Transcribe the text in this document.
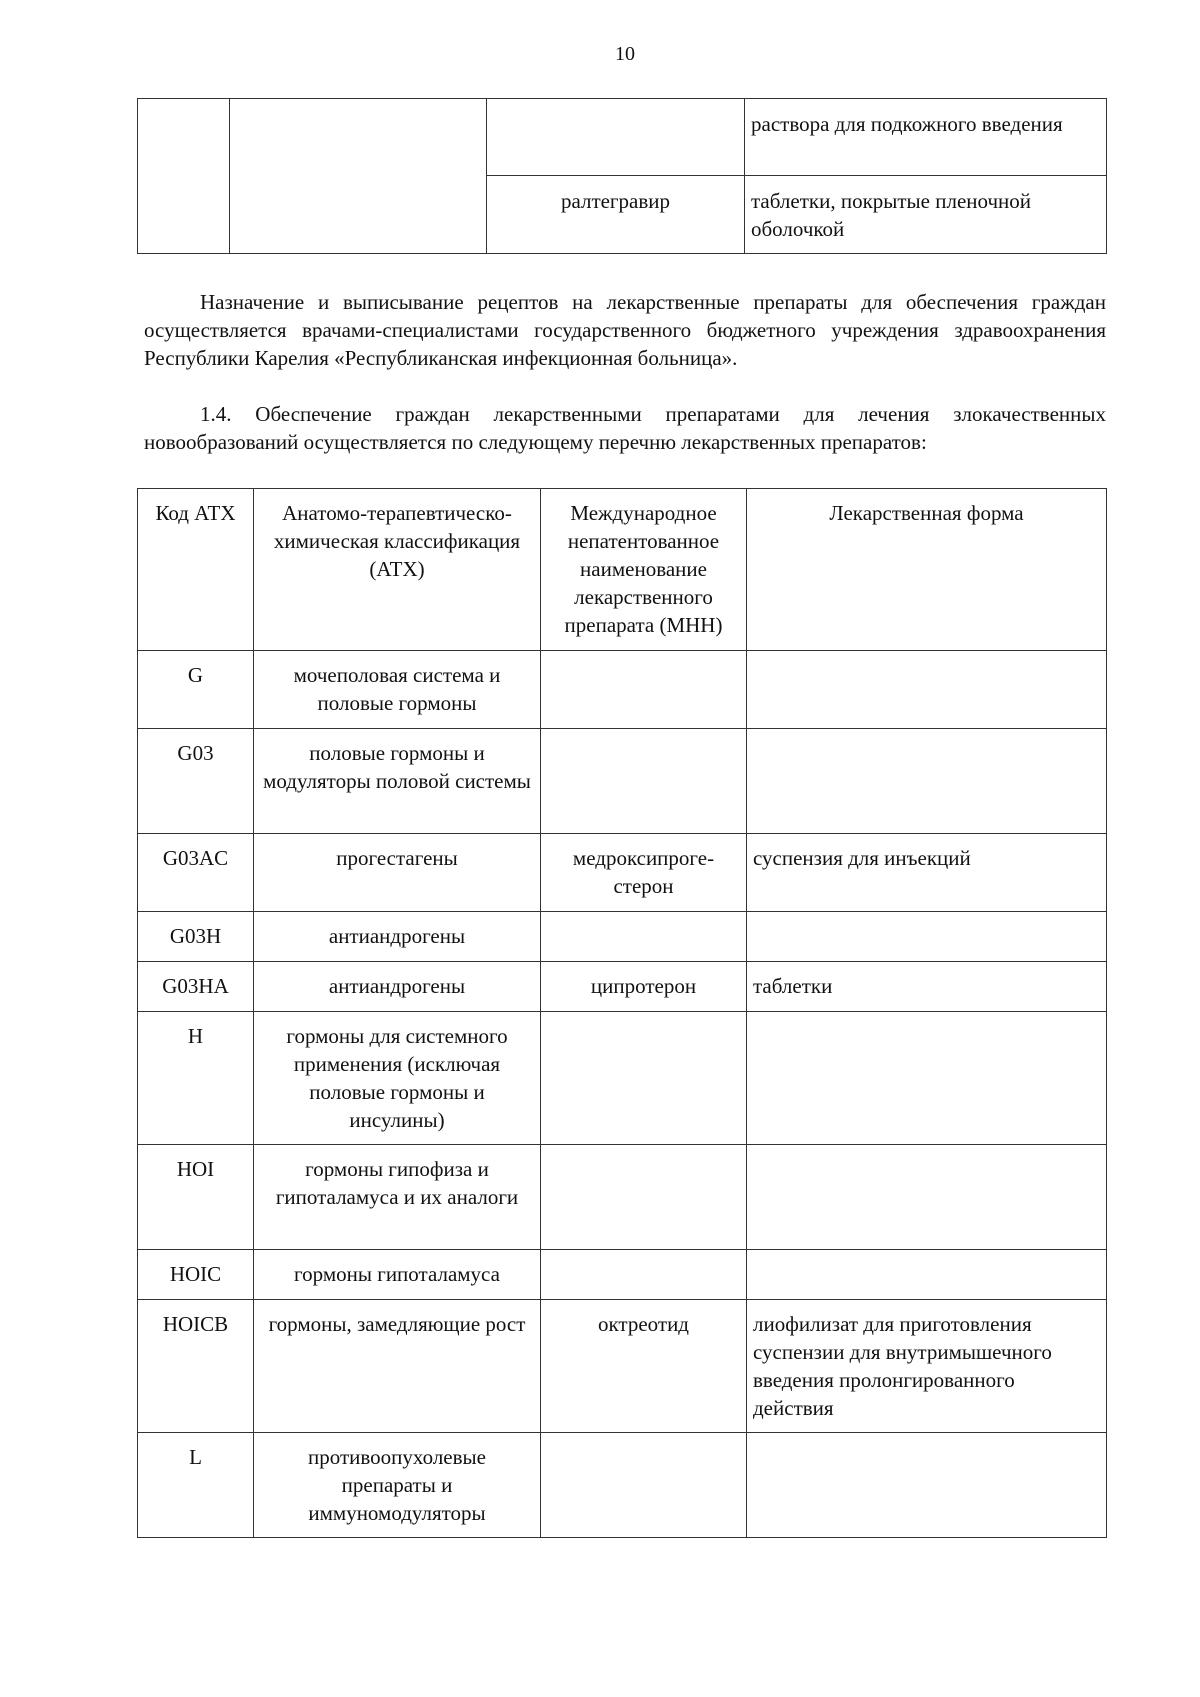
10
			раствора для подкожного введения
		ралтегравир	таблетки, покрытые пленочной оболочкой
Назначение и выписывание рецептов на лекарственные препараты для обеспечения граждан осуществляется врачами-специалистами государственного бюджетного учреждения здравоохранения Республики Карелия «Республиканская инфекционная больница».
1.4. Обеспечение граждан лекарственными препаратами для лечения злокачественных новообразований осуществляется по следующему перечню лекарственных препаратов:
Код АТХ	Анатомо-терапевтическо-химическая классификация (АТХ)	Международное непатентованное наименование лекарственного препарата (МНН)	Лекарственная форма
G	мочеполовая система и половые гормоны		
G03	половые гормоны и модуляторы половой системы		
G03AC	прогестагены	медроксипроге-стерон	суспензия для инъекций
G03H	антиандрогены		
G03HA	антиандрогены	ципротерон	таблетки
H	гормоны для системного применения (исключая половые гормоны и инсулины)		
HOI	гормоны гипофиза и гипоталамуса и их аналоги		
HOIC	гормоны гипоталамуса		
HOICB	гормоны, замедляющие рост	октреотид	лиофилизат для приготовления суспензии для внутримышечного введения пролонгированного действия
L	противоопухолевые препараты и иммуномодуляторы		
